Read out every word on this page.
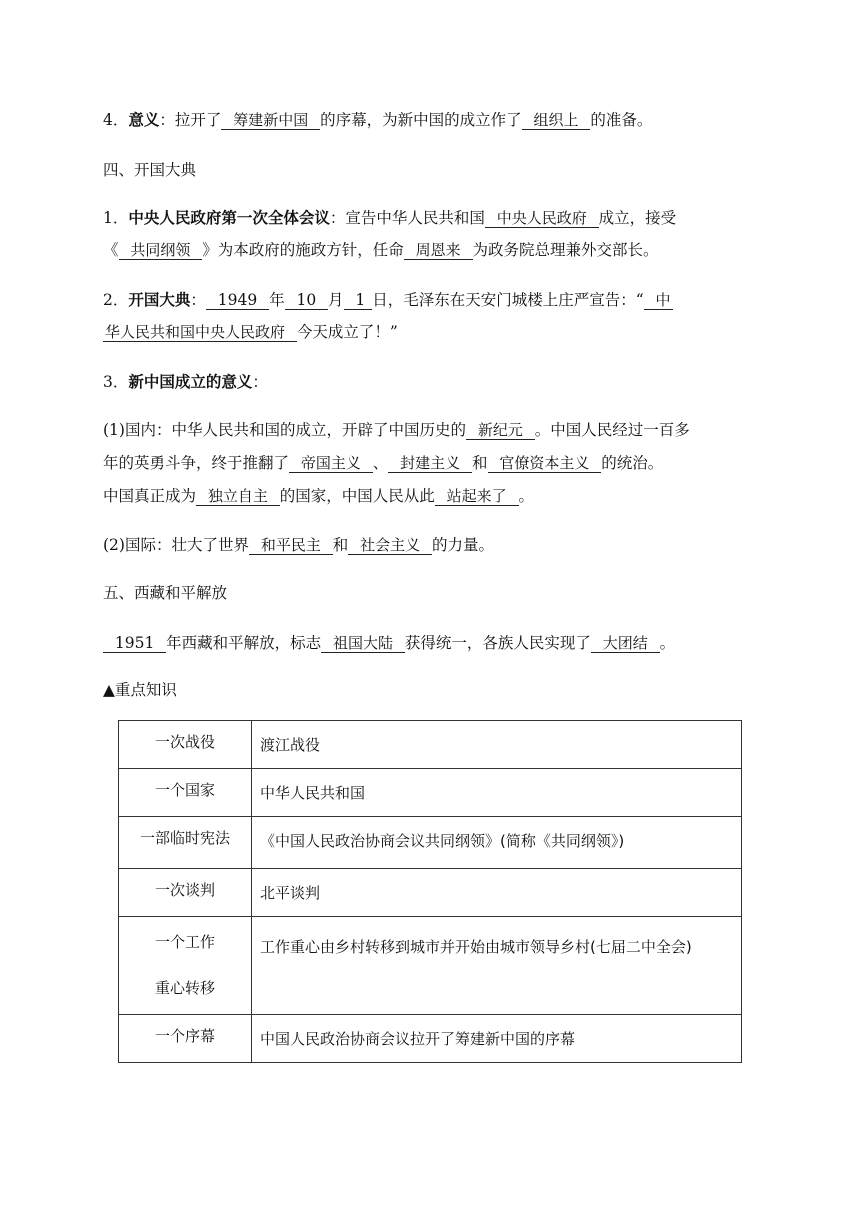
4．意义：拉开了 筹建新中国 的序幕，为新中国的成立作了 组织上 的准备。
四、开国大典
1．中央人民政府第一次全体会议：宣告中华人民共和国 中央人民政府 成立，接受
《 共同纲领 》为本政府的施政方针，任命 周恩来 为政务院总理兼外交部长。
2．开国大典： 1949 年 10 月 1 日，毛泽东在天安门城楼上庄严宣告：“ 中
华人民共和国中央人民政府 今天成立了！”
3．新中国成立的意义：
(1)国内：中华人民共和国的成立，开辟了中国历史的 新纪元 。中国人民经过一百多
年的英勇斗争，终于推翻了 帝国主义 、 封建主义 和 官僚资本主义 的统治。
中国真正成为 独立自主 的国家，中国人民从此 站起来了 。
(2)国际：壮大了世界 和平民主 和 社会主义 的力量。
五、西藏和平解放
1951 年西藏和平解放，标志 祖国大陆 获得统一，各族人民实现了 大团结 。
▲重点知识
一次战役	渡江战役
一个国家	中华人民共和国
一部临时宪法	《中国人民政治协商会议共同纲领》(简称《共同纲领》)
一次谈判	北平谈判

一个工作
重心转移	工作重心由乡村转移到城市并开始由城市领导乡村(七届二中全会)
一个序幕	中国人民政治协商会议拉开了筹建新中国的序幕
